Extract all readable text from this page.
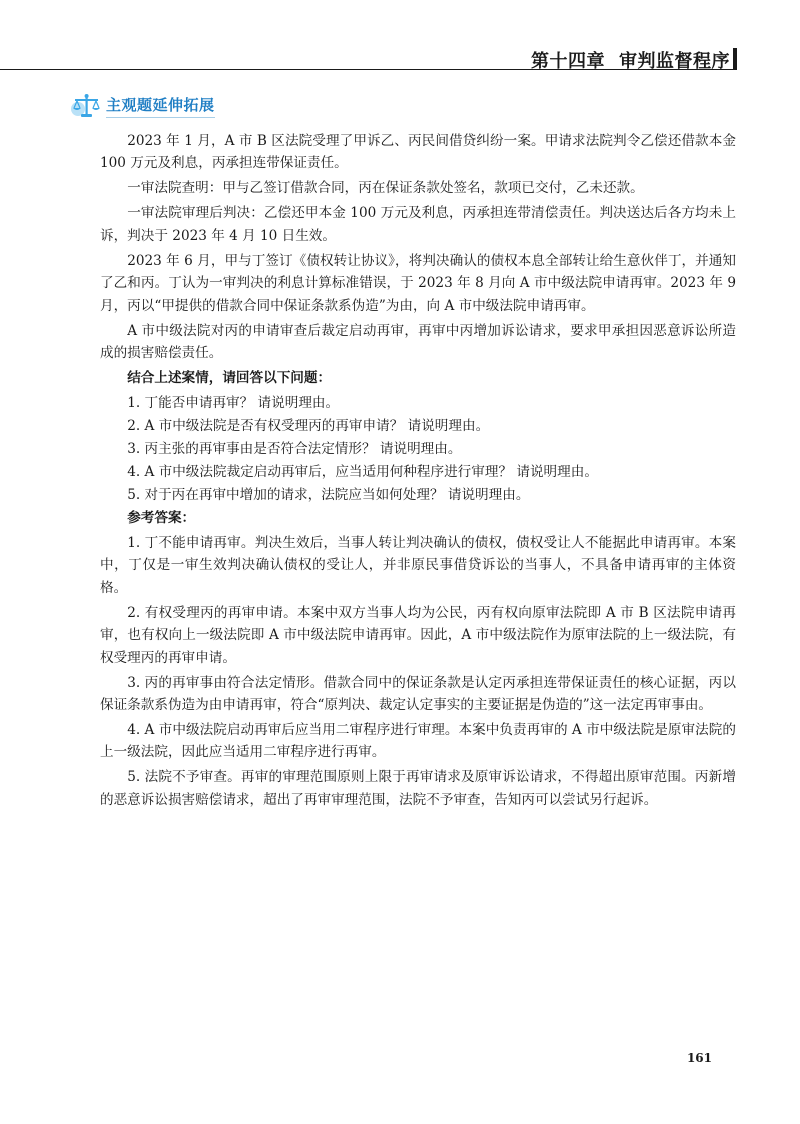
第十四章 审判监督程序
主观题延伸拓展

2023 年 1 月，A 市 B 区法院受理了甲诉乙、丙民间借贷纠纷一案。甲请求法院判令乙偿还借款本金 100 万元及利息，丙承担连带保证责任。

一审法院查明：甲与乙签订借款合同，丙在保证条款处签名，款项已交付，乙未还款。

一审法院审理后判决：乙偿还甲本金 100 万元及利息，丙承担连带清偿责任。判决送达后各方均未上诉，判决于 2023 年 4 月 10 日生效。

2023 年 6 月，甲与丁签订《债权转让协议》，将判决确认的债权本息全部转让给生意伙伴丁，并通知了乙和丙。丁认为一审判决的利息计算标准错误，于 2023 年 8 月向 A 市中级法院申请再审。2023 年 9 月，丙以“甲提供的借款合同中保证条款系伪造”为由，向 A 市中级法院申请再审。

A 市中级法院对丙的申请审查后裁定启动再审，再审中丙增加诉讼请求，要求甲承担因恶意诉讼所造成的损害赔偿责任。

结合上述案情，请回答以下问题：

1. 丁能否申请再审？ 请说明理由。

2. A 市中级法院是否有权受理丙的再审申请？ 请说明理由。

3. 丙主张的再审事由是否符合法定情形？ 请说明理由。

4. A 市中级法院裁定启动再审后，应当适用何种程序进行审理？ 请说明理由。

5. 对于丙在再审中增加的请求，法院应当如何处理？ 请说明理由。

参考答案：

1. 丁不能申请再审。判决生效后，当事人转让判决确认的债权，债权受让人不能据此申请再审。本案中，丁仅是一审生效判决确认债权的受让人，并非原民事借贷诉讼的当事人，不具备申请再审的主体资格。

2. 有权受理丙的再审申请。本案中双方当事人均为公民，丙有权向原审法院即 A 市 B 区法院申请再审，也有权向上一级法院即 A 市中级法院申请再审。因此，A 市中级法院作为原审法院的上一级法院，有权受理丙的再审申请。

3. 丙的再审事由符合法定情形。借款合同中的保证条款是认定丙承担连带保证责任的核心证据，丙以保证条款系伪造为由申请再审，符合“原判决、裁定认定事实的主要证据是伪造的”这一法定再审事由。

4. A 市中级法院启动再审后应当用二审程序进行审理。本案中负责再审的 A 市中级法院是原审法院的上一级法院，因此应当适用二审程序进行再审。

5. 法院不予审查。再审的审理范围原则上限于再审请求及原审诉讼请求，不得超出原审范围。丙新增的恶意诉讼损害赔偿请求，超出了再审审理范围，法院不予审查，告知丙可以尝试另行起诉。

161
